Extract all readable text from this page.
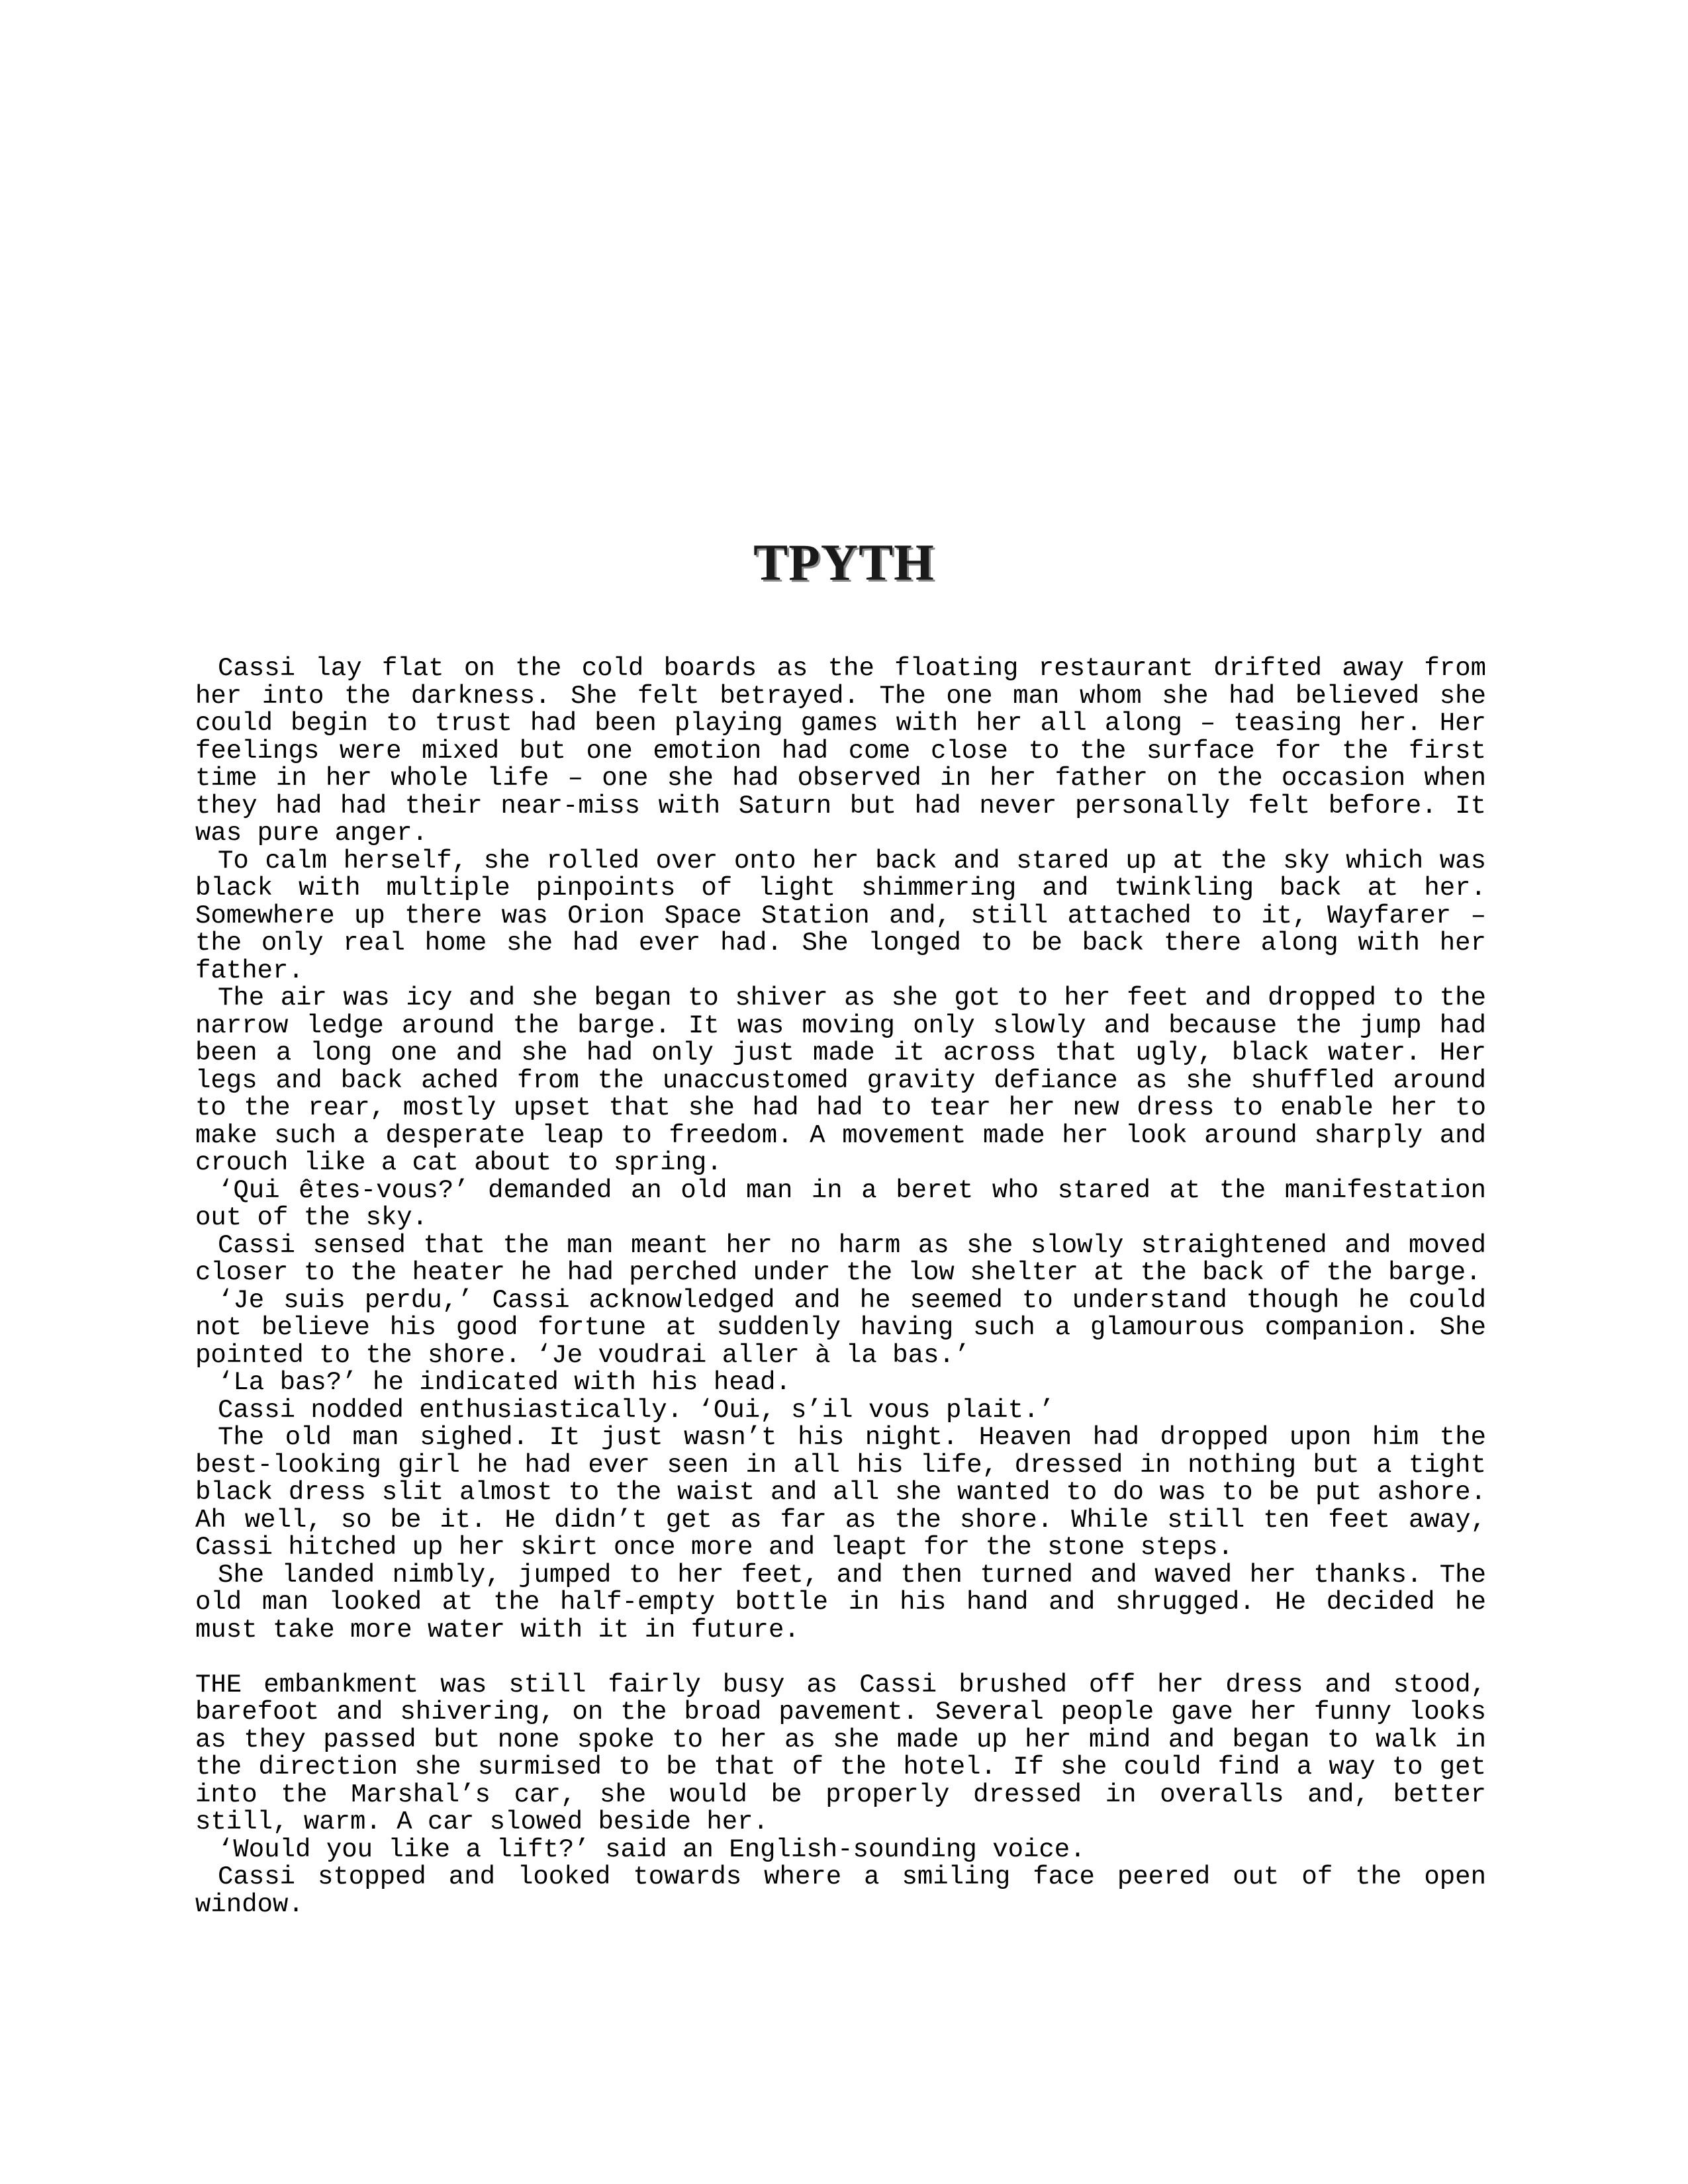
TPYTH

Cassi lay flat on the cold boards as the floating restaurant drifted away from her into the darkness. She felt betrayed. The one man whom she had believed she could begin to trust had been playing games with her all along – teasing her. Her feelings were mixed but one emotion had come close to the surface for the first time in her whole life – one she had observed in her father on the occasion when they had had their near-miss with Saturn but had never personally felt before. It was pure anger.

To calm herself, she rolled over onto her back and stared up at the sky which was black with multiple pinpoints of light shimmering and twinkling back at her. Somewhere up there was Orion Space Station and, still attached to it, Wayfarer – the only real home she had ever had. She longed to be back there along with her father.

The air was icy and she began to shiver as she got to her feet and dropped to the narrow ledge around the barge. It was moving only slowly and because the jump had been a long one and she had only just made it across that ugly, black water. Her legs and back ached from the unaccustomed gravity defiance as she shuffled around to the rear, mostly upset that she had had to tear her new dress to enable her to make such a desperate leap to freedom. A movement made her look around sharply and crouch like a cat about to spring.

‘Qui êtes-vous?’ demanded an old man in a beret who stared at the manifestation out of the sky.

Cassi sensed that the man meant her no harm as she slowly straightened and moved closer to the heater he had perched under the low shelter at the back of the barge.

‘Je suis perdu,’ Cassi acknowledged and he seemed to understand though he could not believe his good fortune at suddenly having such a glamourous companion. She pointed to the shore. ‘Je voudrai aller à la bas.’

‘La bas?’ he indicated with his head.

Cassi nodded enthusiastically. ‘Oui, s’il vous plait.’

The old man sighed. It just wasn’t his night. Heaven had dropped upon him the best-looking girl he had ever seen in all his life, dressed in nothing but a tight black dress slit almost to the waist and all she wanted to do was to be put ashore. Ah well, so be it. He didn’t get as far as the shore. While still ten feet away, Cassi hitched up her skirt once more and leapt for the stone steps.

She landed nimbly, jumped to her feet, and then turned and waved her thanks. The old man looked at the half-empty bottle in his hand and shrugged. He decided he must take more water with it in future.

THE embankment was still fairly busy as Cassi brushed off her dress and stood, barefoot and shivering, on the broad pavement. Several people gave her funny looks as they passed but none spoke to her as she made up her mind and began to walk in the direction she surmised to be that of the hotel. If she could find a way to get into the Marshal’s car, she would be properly dressed in overalls and, better still, warm. A car slowed beside her.

‘Would you like a lift?’ said an English-sounding voice.

Cassi stopped and looked towards where a smiling face peered out of the open window.
